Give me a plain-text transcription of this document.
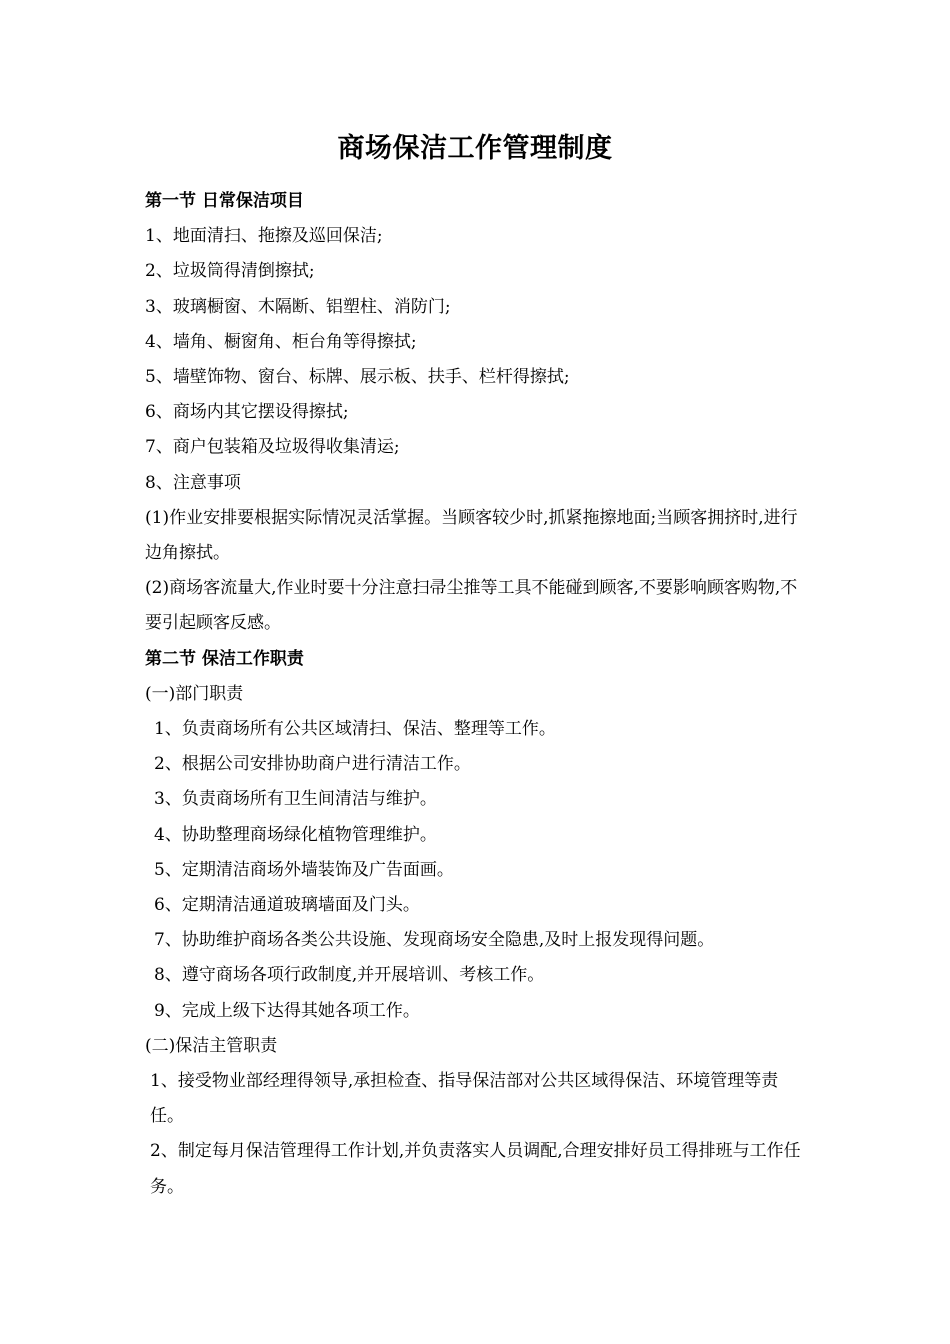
商场保洁工作管理制度

第一节 日常保洁项目

1、地面清扫、拖擦及巡回保洁;

2、垃圾筒得清倒擦拭;

3、玻璃橱窗、木隔断、铝塑柱、消防门;

4、墙角、橱窗角、柜台角等得擦拭;

5、墙壁饰物、窗台、标牌、展示板、扶手、栏杆得擦拭;

6、商场内其它摆设得擦拭;

7、商户包装箱及垃圾得收集清运;

8、注意事项

(1)作业安排要根据实际情况灵活掌握。当顾客较少时,抓紧拖擦地面;当顾客拥挤时,进行边角擦拭。

(2)商场客流量大,作业时要十分注意扫帚尘推等工具不能碰到顾客,不要影响顾客购物,不要引起顾客反感。

第二节 保洁工作职责

(一)部门职责

1、负责商场所有公共区域清扫、保洁、整理等工作。

2、根据公司安排协助商户进行清洁工作。

3、负责商场所有卫生间清洁与维护。

4、协助整理商场绿化植物管理维护。

5、定期清洁商场外墙装饰及广告面画。

6、定期清洁通道玻璃墙面及门头。

7、协助维护商场各类公共设施、发现商场安全隐患,及时上报发现得问题。

8、遵守商场各项行政制度,并开展培训、考核工作。

9、完成上级下达得其她各项工作。

(二)保洁主管职责

1、接受物业部经理得领导,承担检查、指导保洁部对公共区域得保洁、环境管理等责任。

2、制定每月保洁管理得工作计划,并负责落实人员调配,合理安排好员工得排班与工作任务。
